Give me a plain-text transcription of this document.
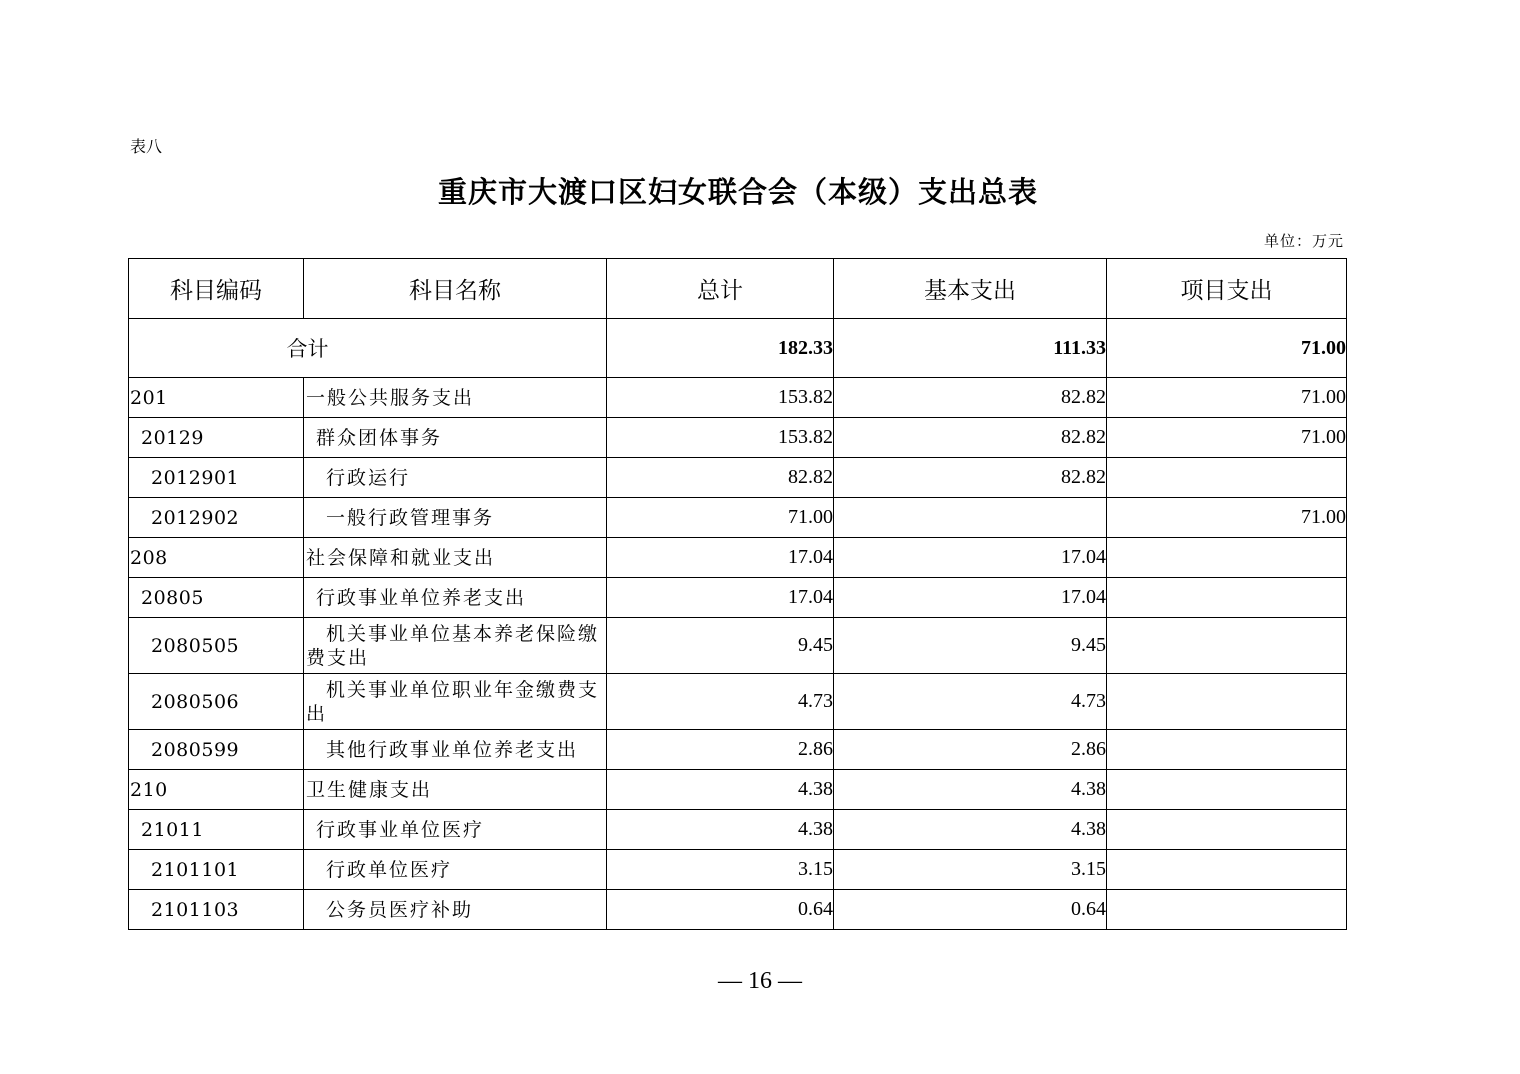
表八
重庆市大渡口区妇女联合会（本级）支出总表
单位：万元
科目编码	科目名称	总计	基本支出	项目支出
合计		182.33	111.33	71.00
201	一般公共服务支出	153.82	82.82	71.00
20129	群众团体事务	153.82	82.82	71.00
2012901	行政运行	82.82	82.82	
2012902	一般行政管理事务	71.00		71.00
208	社会保障和就业支出	17.04	17.04	
20805	行政事业单位养老支出	17.04	17.04	
2080505	机关事业单位基本养老保险缴费支出	9.45	9.45	
2080506	机关事业单位职业年金缴费支出	4.73	4.73	
2080599	其他行政事业单位养老支出	2.86	2.86	
210	卫生健康支出	4.38	4.38	
21011	行政事业单位医疗	4.38	4.38	
2101101	行政单位医疗	3.15	3.15	
2101103	公务员医疗补助	0.64	0.64	
— 16 —
